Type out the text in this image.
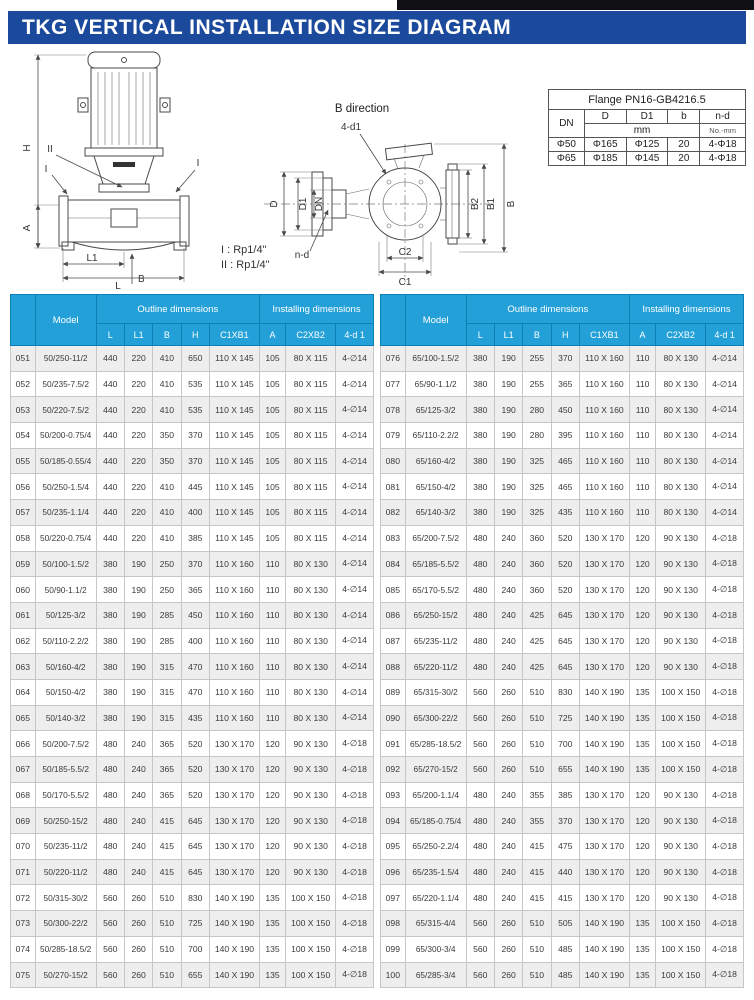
TKG VERTICAL INSTALLATION SIZE DIAGRAM
H
A
L1
L
B
II
I
I
I : Rp1/4"
II : Rp1/4"
B direction
D D1 DN	B2 B1 B
C2
C1
4-d1
n-d
Flange PN16-GB4216.5				
DN	D	D1	b	n-d
	mm			No.-mm
Φ50	Φ165	Φ125	20	4-Φ18
Φ65	Φ185	Φ145	20	4-Φ18
	Model	Outline dimensions					Installing dimensions		
		L	L1	B	H	C1XB1	A	C2XB2	4-d 1
051	50/250-11/2	440	220	410	650	110 X 145	105	80 X 115	4-∅14
052	50/235-7.5/2	440	220	410	535	110 X 145	105	80 X 115	4-∅14
053	50/220-7.5/2	440	220	410	535	110 X 145	105	80 X 115	4-∅14
054	50/200-0.75/4	440	220	350	370	110 X 145	105	80 X 115	4-∅14
055	50/185-0.55/4	440	220	350	370	110 X 145	105	80 X 115	4-∅14
056	50/250-1.5/4	440	220	410	445	110 X 145	105	80 X 115	4-∅14
057	50/235-1.1/4	440	220	410	400	110 X 145	105	80 X 115	4-∅14
058	50/220-0.75/4	440	220	410	385	110 X 145	105	80 X 115	4-∅14
059	50/100-1.5/2	380	190	250	370	110 X 160	110	80 X 130	4-∅14
060	50/90-1.1/2	380	190	250	365	110 X 160	110	80 X 130	4-∅14
061	50/125-3/2	380	190	285	450	110 X 160	110	80 X 130	4-∅14
062	50/110-2.2/2	380	190	285	400	110 X 160	110	80 X 130	4-∅14
063	50/160-4/2	380	190	315	470	110 X 160	110	80 X 130	4-∅14
064	50/150-4/2	380	190	315	470	110 X 160	110	80 X 130	4-∅14
065	50/140-3/2	380	190	315	435	110 X 160	110	80 X 130	4-∅14
066	50/200-7.5/2	480	240	365	520	130 X 170	120	90 X 130	4-∅18
067	50/185-5.5/2	480	240	365	520	130 X 170	120	90 X 130	4-∅18
068	50/170-5.5/2	480	240	365	520	130 X 170	120	90 X 130	4-∅18
069	50/250-15/2	480	240	415	645	130 X 170	120	90 X 130	4-∅18
070	50/235-11/2	480	240	415	645	130 X 170	120	90 X 130	4-∅18
071	50/220-11/2	480	240	415	645	130 X 170	120	90 X 130	4-∅18
072	50/315-30/2	560	260	510	830	140 X 190	135	100 X 150	4-∅18
073	50/300-22/2	560	260	510	725	140 X 190	135	100 X 150	4-∅18
074	50/285-18.5/2	560	260	510	700	140 X 190	135	100 X 150	4-∅18
075	50/270-15/2	560	260	510	655	140 X 190	135	100 X 150	4-∅18
	Model	Outline dimensions					Installing dimensions		
		L	L1	B	H	C1XB1	A	C2XB2	4-d 1
076	65/100-1.5/2	380	190	255	370	110 X 160	110	80 X 130	4-∅14
077	65/90-1.1/2	380	190	255	365	110 X 160	110	80 X 130	4-∅14
078	65/125-3/2	380	190	280	450	110 X 160	110	80 X 130	4-∅14
079	65/110-2.2/2	380	190	280	395	110 X 160	110	80 X 130	4-∅14
080	65/160-4/2	380	190	325	465	110 X 160	110	80 X 130	4-∅14
081	65/150-4/2	380	190	325	465	110 X 160	110	80 X 130	4-∅14
082	65/140-3/2	380	190	325	435	110 X 160	110	80 X 130	4-∅14
083	65/200-7.5/2	480	240	360	520	130 X 170	120	90 X 130	4-∅18
084	65/185-5.5/2	480	240	360	520	130 X 170	120	90 X 130	4-∅18
085	65/170-5.5/2	480	240	360	520	130 X 170	120	90 X 130	4-∅18
086	65/250-15/2	480	240	425	645	130 X 170	120	90 X 130	4-∅18
087	65/235-11/2	480	240	425	645	130 X 170	120	90 X 130	4-∅18
088	65/220-11/2	480	240	425	645	130 X 170	120	90 X 130	4-∅18
089	65/315-30/2	560	260	510	830	140 X 190	135	100 X 150	4-∅18
090	65/300-22/2	560	260	510	725	140 X 190	135	100 X 150	4-∅18
091	65/285-18.5/2	560	260	510	700	140 X 190	135	100 X 150	4-∅18
092	65/270-15/2	560	260	510	655	140 X 190	135	100 X 150	4-∅18
093	65/200-1.1/4	480	240	355	385	130 X 170	120	90 X 130	4-∅18
094	65/185-0.75/4	480	240	355	370	130 X 170	120	90 X 130	4-∅18
095	65/250-2.2/4	480	240	415	475	130 X 170	120	90 X 130	4-∅18
096	65/235-1.5/4	480	240	415	440	130 X 170	120	90 X 130	4-∅18
097	65/220-1.1/4	480	240	415	415	130 X 170	120	90 X 130	4-∅18
098	65/315-4/4	560	260	510	505	140 X 190	135	100 X 150	4-∅18
099	65/300-3/4	560	260	510	485	140 X 190	135	100 X 150	4-∅18
100	65/285-3/4	560	260	510	485	140 X 190	135	100 X 150	4-∅18
